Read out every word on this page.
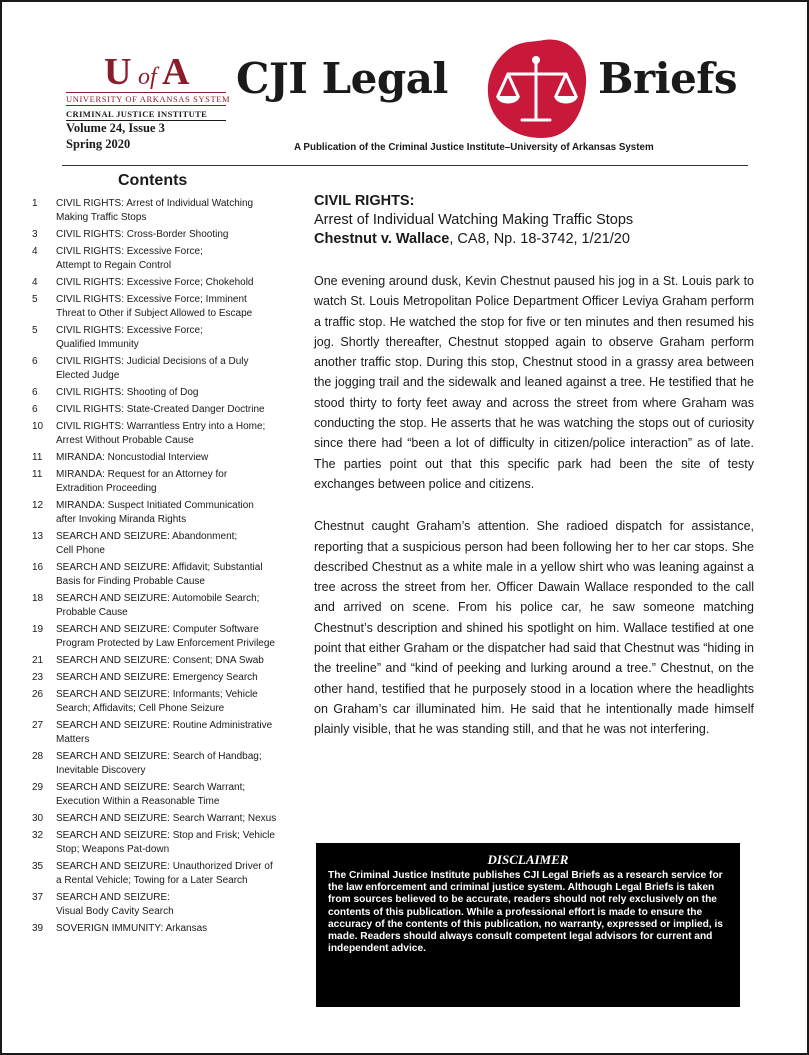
U of A
UNIVERSITY OF ARKANSAS SYSTEM
CRIMINAL JUSTICE INSTITUTE
Volume 24, Issue 3
Spring 2020
CJI Legal	Briefs
A Publication of the Criminal Justice Institute–University of Arkansas System
Contents
1	CIVIL RIGHTS: Arrest of Individual Watching
Making Traffic Stops
3	CIVIL RIGHTS: Cross-Border Shooting
4	CIVIL RIGHTS: Excessive Force;
Attempt to Regain Control
4	CIVIL RIGHTS: Excessive Force; Chokehold
5	CIVIL RIGHTS: Excessive Force; Imminent
Threat to Other if Subject Allowed to Escape
5	CIVIL RIGHTS: Excessive Force;
Qualified Immunity
6	CIVIL RIGHTS: Judicial Decisions of a Duly
Elected Judge
6	CIVIL RIGHTS: Shooting of Dog
6	CIVIL RIGHTS: State-Created Danger Doctrine
10	CIVIL RIGHTS: Warrantless Entry into a Home;
Arrest Without Probable Cause
11	MIRANDA: Noncustodial Interview
11	MIRANDA: Request for an Attorney for
Extradition Proceeding
12	MIRANDA: Suspect Initiated Communication
after Invoking Miranda Rights
13	SEARCH AND SEIZURE: Abandonment;
Cell Phone
16	SEARCH AND SEIZURE: Affidavit; Substantial
Basis for Finding Probable Cause
18	SEARCH AND SEIZURE: Automobile Search;
Probable Cause
19	SEARCH AND SEIZURE: Computer Software
Program Protected by Law Enforcement Privilege
21	SEARCH AND SEIZURE: Consent; DNA Swab
23	SEARCH AND SEIZURE: Emergency Search
26	SEARCH AND SEIZURE: Informants; Vehicle
Search; Affidavits; Cell Phone Seizure
27	SEARCH AND SEIZURE: Routine Administrative
Matters
28	SEARCH AND SEIZURE: Search of Handbag;
Inevitable Discovery
29	SEARCH AND SEIZURE: Search Warrant;
Execution Within a Reasonable Time
30	SEARCH AND SEIZURE: Search Warrant; Nexus
32	SEARCH AND SEIZURE: Stop and Frisk; Vehicle
Stop; Weapons Pat-down
35	SEARCH AND SEIZURE: Unauthorized Driver of
a Rental Vehicle; Towing for a Later Search
37	SEARCH AND SEIZURE:
Visual Body Cavity Search
39	SOVERIGN IMMUNITY: Arkansas
CIVIL RIGHTS:
Arrest of Individual Watching Making Traffic Stops
Chestnut v. Wallace, CA8, Np. 18-3742, 1/21/20

One evening around dusk, Kevin Chestnut paused his jog in a St. Louis park to watch St. Louis Metropolitan Police Department Officer Leviya Graham perform a traffic stop. He watched the stop for five or ten minutes and then resumed his jog. Shortly thereafter, Chestnut stopped again to observe Graham perform another traffic stop. During this stop, Chestnut stood in a grassy area between the jogging trail and the sidewalk and leaned against a tree. He testified that he stood thirty to forty feet away and across the street from where Graham was conducting the stop. He asserts that he was watching the stops out of curiosity since there had “been a lot of difficulty in citizen/police interaction” as of late. The parties point out that this specific park had been the site of testy exchanges between police and citizens.

Chestnut caught Graham’s attention. She radioed dispatch for assistance, reporting that a suspicious person had been following her to her car stops. She described Chestnut as a white male in a yellow shirt who was leaning against a tree across the street from her. Officer Dawain Wallace responded to the call and arrived on scene. From his police car, he saw someone matching Chestnut’s description and shined his spotlight on him. Wallace testified at one point that either Graham or the dispatcher had said that Chestnut was “hiding in the treeline” and “kind of peeking and lurking around a tree.” Chestnut, on the other hand, testified that he purposely stood in a location where the headlights on Graham’s car illuminated him. He said that he intentionally made himself plainly visible, that he was standing still, and that he was not interfering.

DISCLAIMER
The Criminal Justice Institute publishes CJI Legal Briefs as a research service for the law enforcement and criminal justice system. Although Legal Briefs is taken from sources believed to be accurate, readers should not rely exclusively on the contents of this publication. While a professional effort is made to ensure the accuracy of the contents of this publication, no warranty, expressed or implied, is made. Readers should always consult competent legal advisors for current and independent advice.
